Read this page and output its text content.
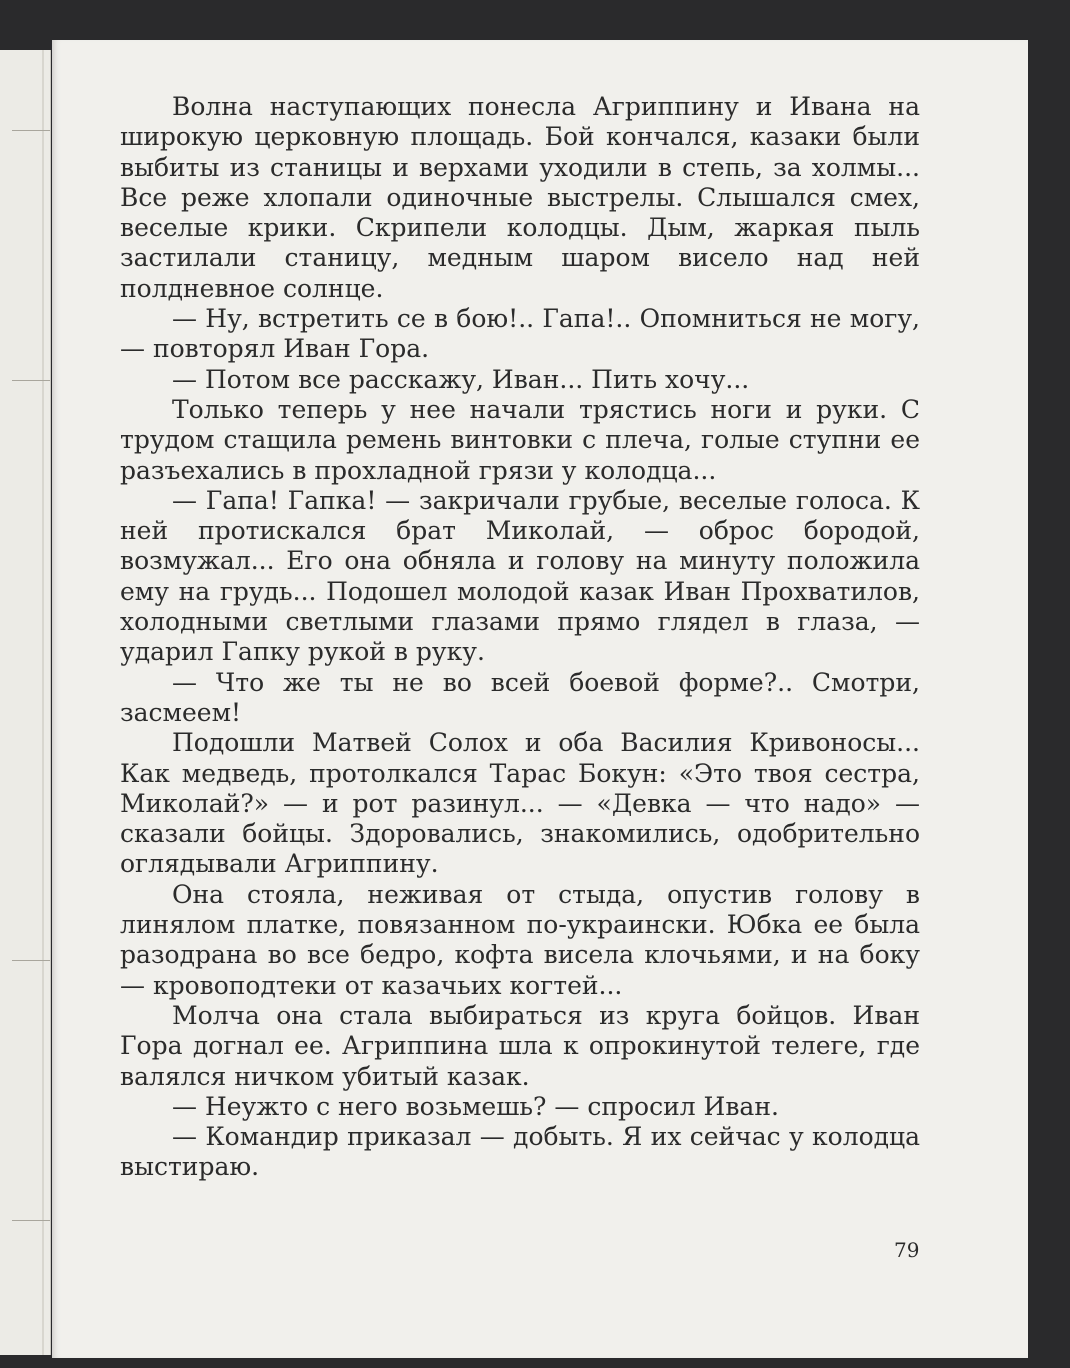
Волна наступающих понесла Агриппину и Ивана на широкую церковную площадь. Бой кончался, казаки были выбиты из станицы и верхами уходили в степь, за холмы... Все реже хлопали одиночные выстрелы. Слышался смех, веселые крики. Скрипели колодцы. Дым, жаркая пыль застилали станицу, медным шаром висело над ней полдневное солнце.

— Ну, встретить се в бою!.. Гапа!.. Опомниться не могу, — повторял Иван Гора.

— Потом все расскажу, Иван... Пить хочу...

Только теперь у нее начали трястись ноги и руки. С трудом стащила ремень винтовки с плеча, голые ступни ее разъехались в прохладной грязи у колодца...

— Гапа! Гапка! — закричали грубые, веселые голоса. К ней протискался брат Миколай, — оброс бородой, возмужал... Его она обняла и голову на минуту положила ему на грудь... Подошел молодой казак Иван Прохватилов, холодными светлыми глазами прямо глядел в глаза, — ударил Гапку рукой в руку.

— Что же ты не во всей боевой форме?.. Смотри, засмеем!

Подошли Матвей Солох и оба Василия Кривоносы... Как медведь, протолкался Тарас Бокун: «Это твоя сестра, Миколай?» — и рот разинул... — «Девка — что надо» — сказали бойцы. Здоровались, знакомились, одобрительно оглядывали Агриппину.

Она стояла, неживая от стыда, опустив голову в линялом платке, повязанном по-украински. Юбка ее была разодрана во все бедро, кофта висела клочьями, и на боку — кровоподтеки от казачьих когтей...

Молча она стала выбираться из круга бойцов. Иван Гора догнал ее. Агриппина шла к опрокинутой телеге, где валялся ничком убитый казак.

— Неужто с него возьмешь? — спросил Иван.

— Командир приказал — добыть. Я их сейчас у колодца выстираю.

79
